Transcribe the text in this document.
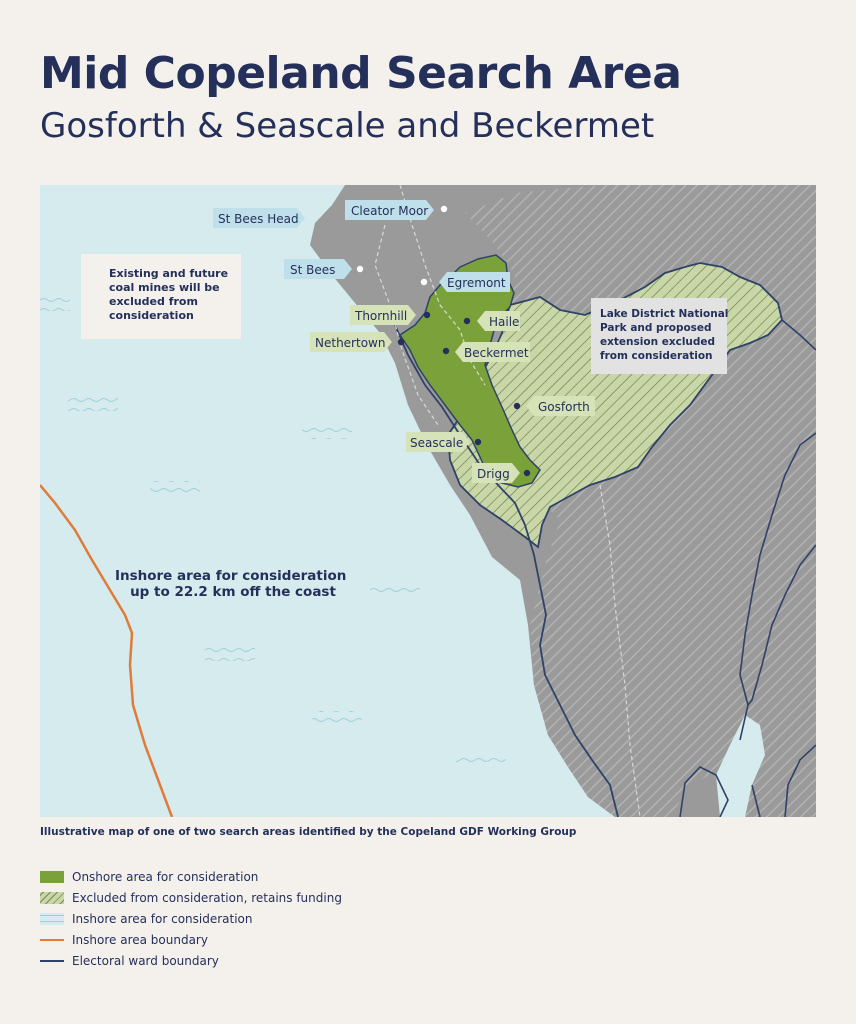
Mid Copeland Search Area
Gosforth & Seascale and Beckermet
St Bees Head
Cleator Moor
St Bees
Egremont
Thornhill	Haile
Nethertown
Beckermet
Gosforth
Seascale
Drigg
Existing and future coal mines will be excluded from consideration	Lake District National Park and proposed extension excluded from consideration
Inshore area for consideration up to 22.2 km off the coast
Illustrative map of one of two search areas identified by the Copeland GDF Working Group
Onshore area for consideration
Excluded from consideration, retains funding
Inshore area for consideration
Inshore area boundary
Electoral ward boundary
